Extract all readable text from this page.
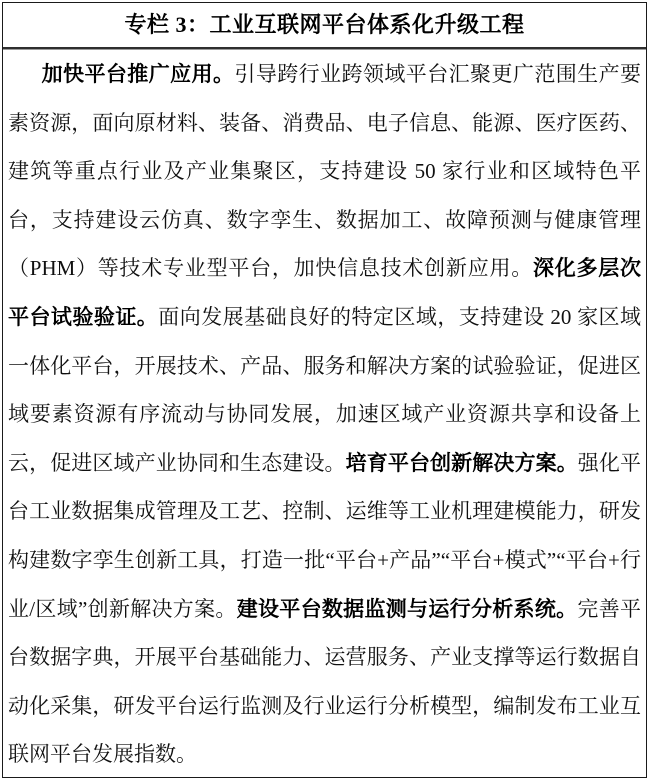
专栏 3：工业互联网平台体系化升级工程

加快平台推广应用。引导跨行业跨领域平台汇聚更广范围生产要素资源，面向原材料、装备、消费品、电子信息、能源、医疗医药、建筑等重点行业及产业集聚区，支持建设 50 家行业和区域特色平台，支持建设云仿真、数字孪生、数据加工、故障预测与健康管理（PHM）等技术专业型平台，加快信息技术创新应用。深化多层次平台试验验证。面向发展基础良好的特定区域，支持建设 20 家区域一体化平台，开展技术、产品、服务和解决方案的试验验证，促进区域要素资源有序流动与协同发展，加速区域产业资源共享和设备上云，促进区域产业协同和生态建设。培育平台创新解决方案。强化平台工业数据集成管理及工艺、控制、运维等工业机理建模能力，研发构建数字孪生创新工具，打造一批“平台+产品”“平台+模式”“平台+行业/区域”创新解决方案。建设平台数据监测与运行分析系统。完善平台数据字典，开展平台基础能力、运营服务、产业支撑等运行数据自动化采集，研发平台运行监测及行业运行分析模型，编制发布工业互联网平台发展指数。
